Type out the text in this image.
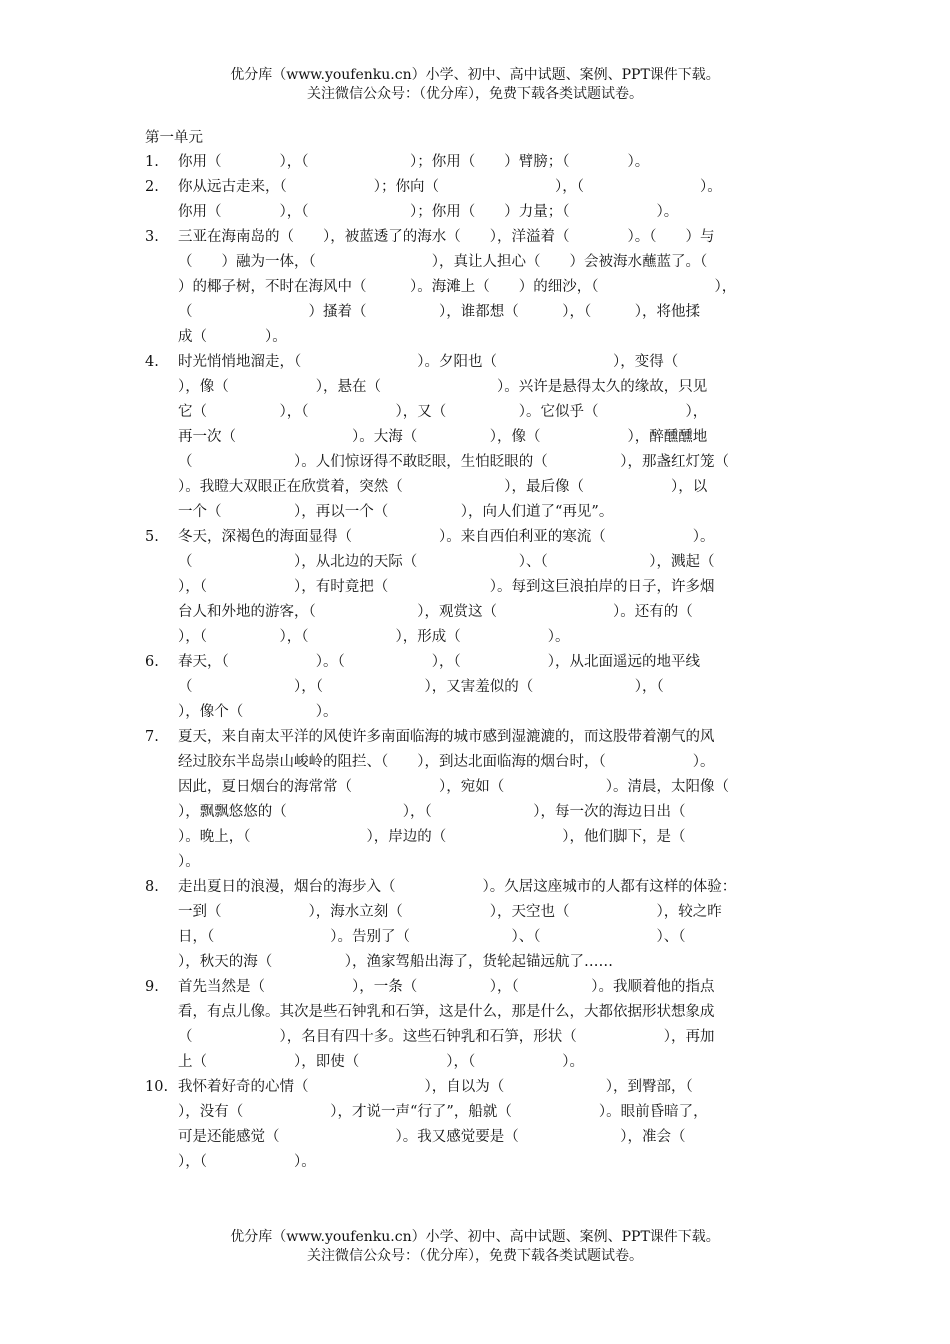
优分库（www.youfenku.cn）小学、初中、高中试题、案例、PPT课件下载。
关注微信公众号：（优分库），免费下载各类试题试卷。
第一单元
1.	你用（　　　　），（　　　　　　　）；你用（　　）臂膀；（　　　　）。
2.	你从远古走来，（　　　　　　）；你向（　　　　　　　　），（　　　　　　　　）。
你用（　　　　），（　　　　　　　）；你用（　　）力量；（　　　　　　）。
3.	三亚在海南岛的（　　），被蓝透了的海水（　　），洋溢着（　　　　）。（　　）与
（　　）融为一体，（　　　　　　　　），真让人担心（　　）会被海水蘸蓝了。（
）的椰子树，不时在海风中（　　　）。海滩上（　　）的细沙，（　　　　　　　　），
（　　　　　　　　）搔着（　　　　　），谁都想（　　　），（　　　），将他揉
成（　　　　）。
4.	时光悄悄地溜走，（　　　　　　　　）。夕阳也（　　　　　　　　），变得（
），像（　　　　　　），悬在（　　　　　　　　）。兴许是悬得太久的缘故，只见
它（　　　　　），（　　　　　　），又（　　　　　）。它似乎（　　　　　　），
再一次（　　　　　　　　）。大海（　　　　　），像（　　　　　　），醉醺醺地
（　　　　　　　）。人们惊讶得不敢眨眼，生怕眨眼的（　　　　　），那盏红灯笼（
）。我瞪大双眼正在欣赏着，突然（　　　　　　　），最后像（　　　　　　），以
一个（　　　　　），再以一个（　　　　　），向人们道了“再见”。
5.	冬天，深褐色的海面显得（　　　　　　）。来自西伯利亚的寒流（　　　　　　）。
（　　　　　　　），从北边的天际（　　　　　　　）、（　　　　　　　），溅起（
），（　　　　　　），有时竟把（　　　　　　　）。每到这巨浪拍岸的日子，许多烟
台人和外地的游客，（　　　　　　　），观赏这（　　　　　　　　）。还有的（
），（　　　　　），（　　　　　　），形成（　　　　　　）。
6.	春天，（　　　　　　）。（　　　　　　），（　　　　　　），从北面遥远的地平线
（　　　　　　　），（　　　　　　　），又害羞似的（　　　　　　　），（
），像个（　　　　　）。
7.	夏天，来自南太平洋的风使许多南面临海的城市感到湿漉漉的，而这股带着潮气的风
经过胶东半岛崇山峻岭的阻拦、（　　），到达北面临海的烟台时，（　　　　　　）。
因此，夏日烟台的海常常（　　　　　　），宛如（　　　　　　　）。清晨，太阳像（
），飘飘悠悠的（　　　　　　　　），（　　　　　　　），每一次的海边日出（
）。晚上，（　　　　　　　　），岸边的（　　　　　　　　），他们脚下，是（
）。
8.	走出夏日的浪漫，烟台的海步入（　　　　　　）。久居这座城市的人都有这样的体验：
一到（　　　　　　），海水立刻（　　　　　　），天空也（　　　　　　），较之昨
日，（　　　　　　　　）。告别了（　　　　　　　）、（　　　　　　　　）、（
），秋天的海（　　　　　），渔家驾船出海了，货轮起锚远航了……
9.	首先当然是（　　　　　　），一条（　　　　　），（　　　　　）。我顺着他的指点
看，有点儿像。其次是些石钟乳和石笋，这是什么，那是什么，大都依据形状想象成
（　　　　　　），名目有四十多。这些石钟乳和石笋，形状（　　　　　　），再加
上（　　　　　　），即使（　　　　　　），（　　　　　　）。
10. 我怀着好奇的心情（　　　　　　　　），自以为（　　　　　　　），到臀部，（
），没有（　　　　　　），才说一声“行了”，船就（　　　　　　）。眼前昏暗了，
可是还能感觉（　　　　　　　　）。我又感觉要是（　　　　　　　），准会（
），（　　　　　　）。
优分库（www.youfenku.cn）小学、初中、高中试题、案例、PPT课件下载。
关注微信公众号：（优分库），免费下载各类试题试卷。
